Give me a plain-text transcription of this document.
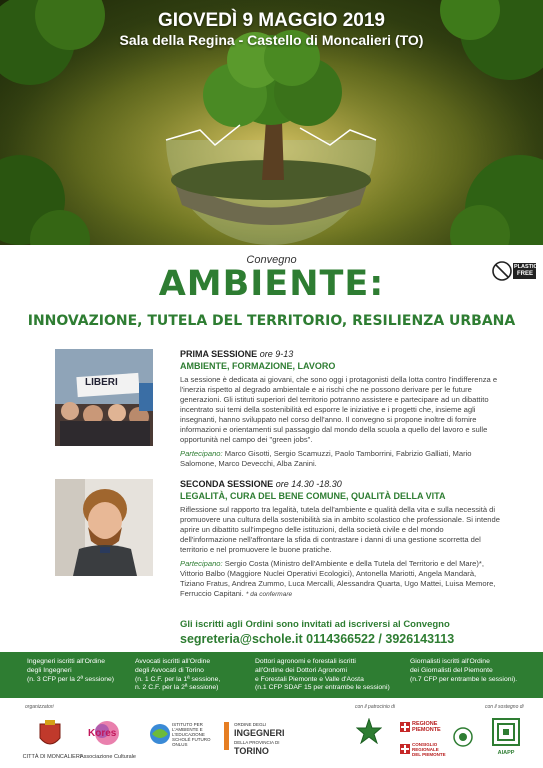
GIOVEDÌ 9 MAGGIO 2019
Sala della Regina - Castello di Moncalieri (TO)
PLASTIC
FREE
Convegno
AMBIENTE:
INNOVAZIONE, TUTELA DEL TERRITORIO, RESILIENZA URBANA
LIBERI
PRIMA SESSIONE ore 9-13
AMBIENTE, FORMAZIONE, LAVORO

La sessione è dedicata ai giovani, che sono oggi i protagonisti della lotta contro l'indifferenza e l'inerzia rispetto al degrado ambientale e ai rischi che ne possono derivare per le future generazioni. Gli istituti superiori del territorio potranno assistere e partecipare ad un dibattito incentrato sui temi della sostenibilità ed esporre le iniziative e i progetti che, insieme agli insegnanti, hanno sviluppato nel corso dell'anno. Il convegno si propone inoltre di fornire informazioni e orientamenti sul passaggio dal mondo della scuola a quello del lavoro e sulle opportunità nel campo dei "green jobs".

Partecipano: Marco Gisotti, Sergio Scamuzzi, Paolo Tamborrini, Fabrizio Galliati, Mario Salomone, Marco Devecchi, Alba Zanini.
SECONDA SESSIONE ore 14.30 -18.30
LEGALITÀ, CURA DEL BENE COMUNE, QUALITÀ DELLA VITA

Riflessione sul rapporto tra legalità, tutela dell'ambiente e qualità della vita e sulla necessità di promuovere una cultura della sostenibilità sia in ambito scolastico che professionale. Si intende aprire un dibattito sull'impegno delle istituzioni, della società civile e del mondo dell'informazione nell'affrontare la sfida di contrastare i danni di una gestione scorretta del territorio e nel promuovere le buone pratiche.

Partecipano: Sergio Costa (Ministro dell'Ambiente e della Tutela del Territorio e del Mare)*, Vittorio Balbo (Maggiore Nuclei Operativi Ecologici), Antonella Mariotti, Angela Mandarà, Tiziano Fratus, Andrea Zummo, Luca Mercalli, Alessandra Quarta, Ugo Mattei, Luisa Memore, Ferruccio Capitani. * da confermare
Gli iscritti agli Ordini sono invitati ad iscriversi al Convegno
segreteria@schole.it 0114366522 / 3926143113
Ingegneri iscritti all'Ordine
degli Ingegneri
(n. 3 CFP per la 2ª sessione)
Avvocati iscritti all'Ordine
degli Avvocati di Torino
(n. 1 C.F. per la 1ª sessione,
n. 2 C.F. per la 2ª sessione)
Dottori agronomi e forestali iscritti
all'Ordine dei Dottori Agronomi
e Forestali Piemonte e Valle d'Aosta
(n.1 CFP SDAF 15 per entrambe le sessioni)
Giornalisti iscritti all'Ordine
dei Giornalisti del Piemonte
(n.7 CFP per entrambe le sessioni).
organizzatori	con il patrocinio di	con il sostegno di
CITTÀ DI MONCALIERI
Kores
Associazione Culturale
ISTITUTO PER L'AMBIENTE E L'EDUCAZIONE SCHOLÉ FUTURO ONLUS
ORDINE DEGLI
INGEGNERI
DELLA PROVINCIA DI
TORINO
REGIONE PIEMONTE
CONSIGLIO REGIONALE DEL PIEMONTE	AIAPP
